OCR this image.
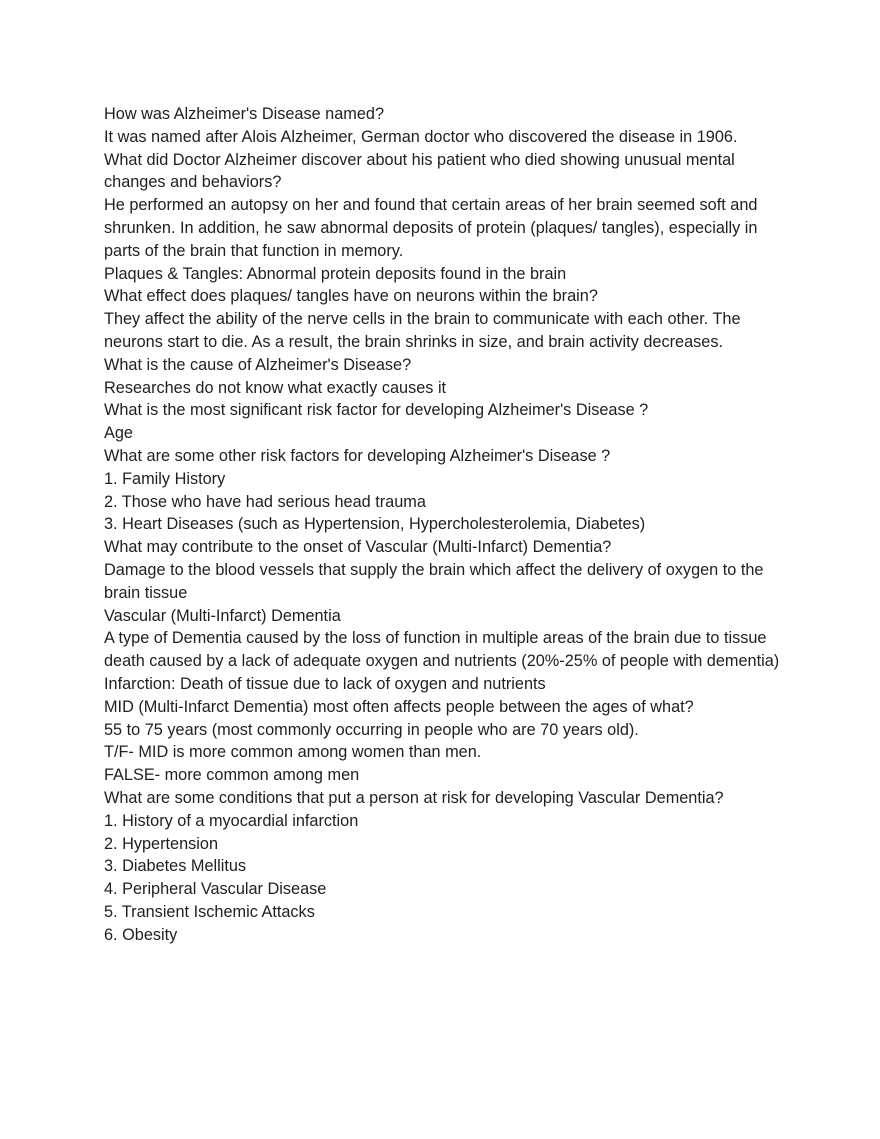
How was Alzheimer's Disease named?

It was named after Alois Alzheimer, German doctor who discovered the disease in 1906.

What did Doctor Alzheimer discover about his patient who died showing unusual mental changes and behaviors?

He performed an autopsy on her and found that certain areas of her brain seemed soft and shrunken. In addition, he saw abnormal deposits of protein (plaques/ tangles), especially in parts of the brain that function in memory.

Plaques & Tangles: Abnormal protein deposits found in the brain

What effect does plaques/ tangles have on neurons within the brain?

They affect the ability of the nerve cells in the brain to communicate with each other. The neurons start to die. As a result, the brain shrinks in size, and brain activity decreases.

What is the cause of Alzheimer's Disease?

Researches do not know what exactly causes it

What is the most significant risk factor for developing Alzheimer's Disease ?

Age

What are some other risk factors for developing Alzheimer's Disease ?

1. Family History

2. Those who have had serious head trauma

3. Heart Diseases (such as Hypertension, Hypercholesterolemia, Diabetes)

What may contribute to the onset of Vascular (Multi-Infarct) Dementia?

Damage to the blood vessels that supply the brain which affect the delivery of oxygen to the brain tissue

Vascular (Multi-Infarct) Dementia

A type of Dementia caused by the loss of function in multiple areas of the brain due to tissue death caused by a lack of adequate oxygen and nutrients (20%-25% of people with dementia)

Infarction: Death of tissue due to lack of oxygen and nutrients

MID (Multi-Infarct Dementia) most often affects people between the ages of what?

55 to 75 years (most commonly occurring in people who are 70 years old).

T/F- MID is more common among women than men.

FALSE- more common among men

What are some conditions that put a person at risk for developing Vascular Dementia?

1. History of a myocardial infarction

2. Hypertension

3. Diabetes Mellitus

4. Peripheral Vascular Disease

5. Transient Ischemic Attacks

6. Obesity
